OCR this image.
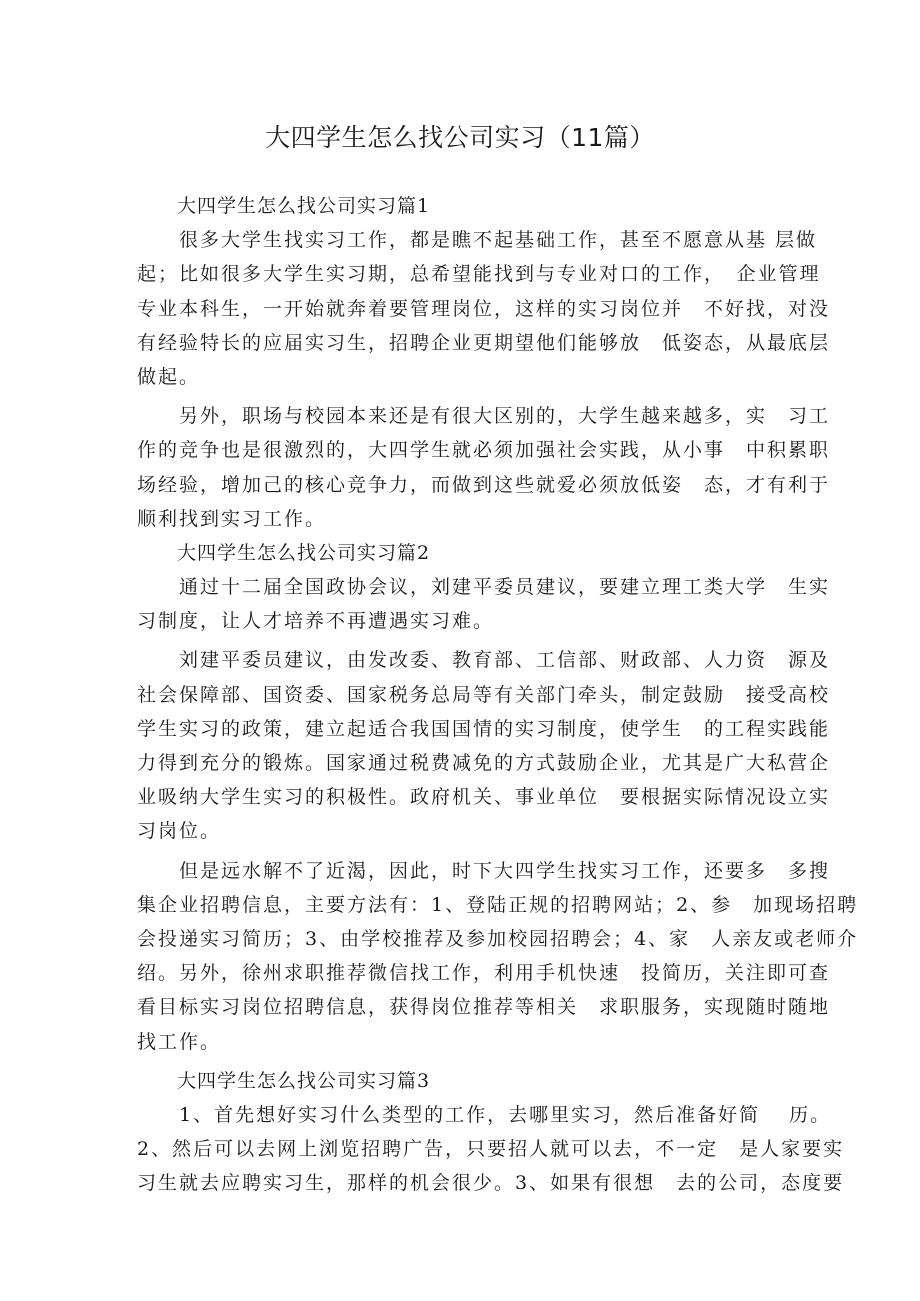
大四学生怎么找公司实习（11篇）
　　大四学生怎么找公司实习篇1
　　很多大学生找实习工作，都是瞧不起基础工作，甚至不愿意从基 层做
起；比如很多大学生实习期，总希望能找到与专业对口的工作，　企业管理
专业本科生，一开始就奔着要管理岗位，这样的实习岗位并　不好找，对没
有经验特长的应届实习生，招聘企业更期望他们能够放　低姿态，从最底层
做起。
　　另外，职场与校园本来还是有很大区别的，大学生越来越多，实　习工
作的竞争也是很激烈的，大四学生就必须加强社会实践，从小事　中积累职
场经验，增加己的核心竞争力，而做到这些就爱必须放低姿　态，才有利于
顺利找到实习工作。
　　大四学生怎么找公司实习篇2
　　通过十二届全国政协会议，刘建平委员建议，要建立理工类大学　生实
习制度，让人才培养不再遭遇实习难。
　　刘建平委员建议，由发改委、教育部、工信部、财政部、人力资　源及
社会保障部、国资委、国家税务总局等有关部门牵头，制定鼓励　接受高校
学生实习的政策，建立起适合我国国情的实习制度，使学生　的工程实践能
力得到充分的锻炼。国家通过税费减免的方式鼓励企业，尤其是广大私营企
业吸纳大学生实习的积极性。政府机关、事业单位　要根据实际情况设立实
习岗位。
　　但是远水解不了近渴，因此，时下大四学生找实习工作，还要多　多搜
集企业招聘信息，主要方法有：1、登陆正规的招聘网站；2、参　加现场招聘
会投递实习简历；3、由学校推荐及参加校园招聘会；4、家　人亲友或老师介
绍。另外，徐州求职推荐微信找工作，利用手机快速　投简历，关注即可查
看目标实习岗位招聘信息，获得岗位推荐等相关　求职服务，实现随时随地
找工作。
　　大四学生怎么找公司实习篇3
　　1、首先想好实习什么类型的工作，去哪里实习，然后准备好简　 历。
2、然后可以去网上浏览招聘广告，只要招人就可以去，不一定　是人家要实
习生就去应聘实习生，那样的机会很少。3、如果有很想　去的公司，态度要
